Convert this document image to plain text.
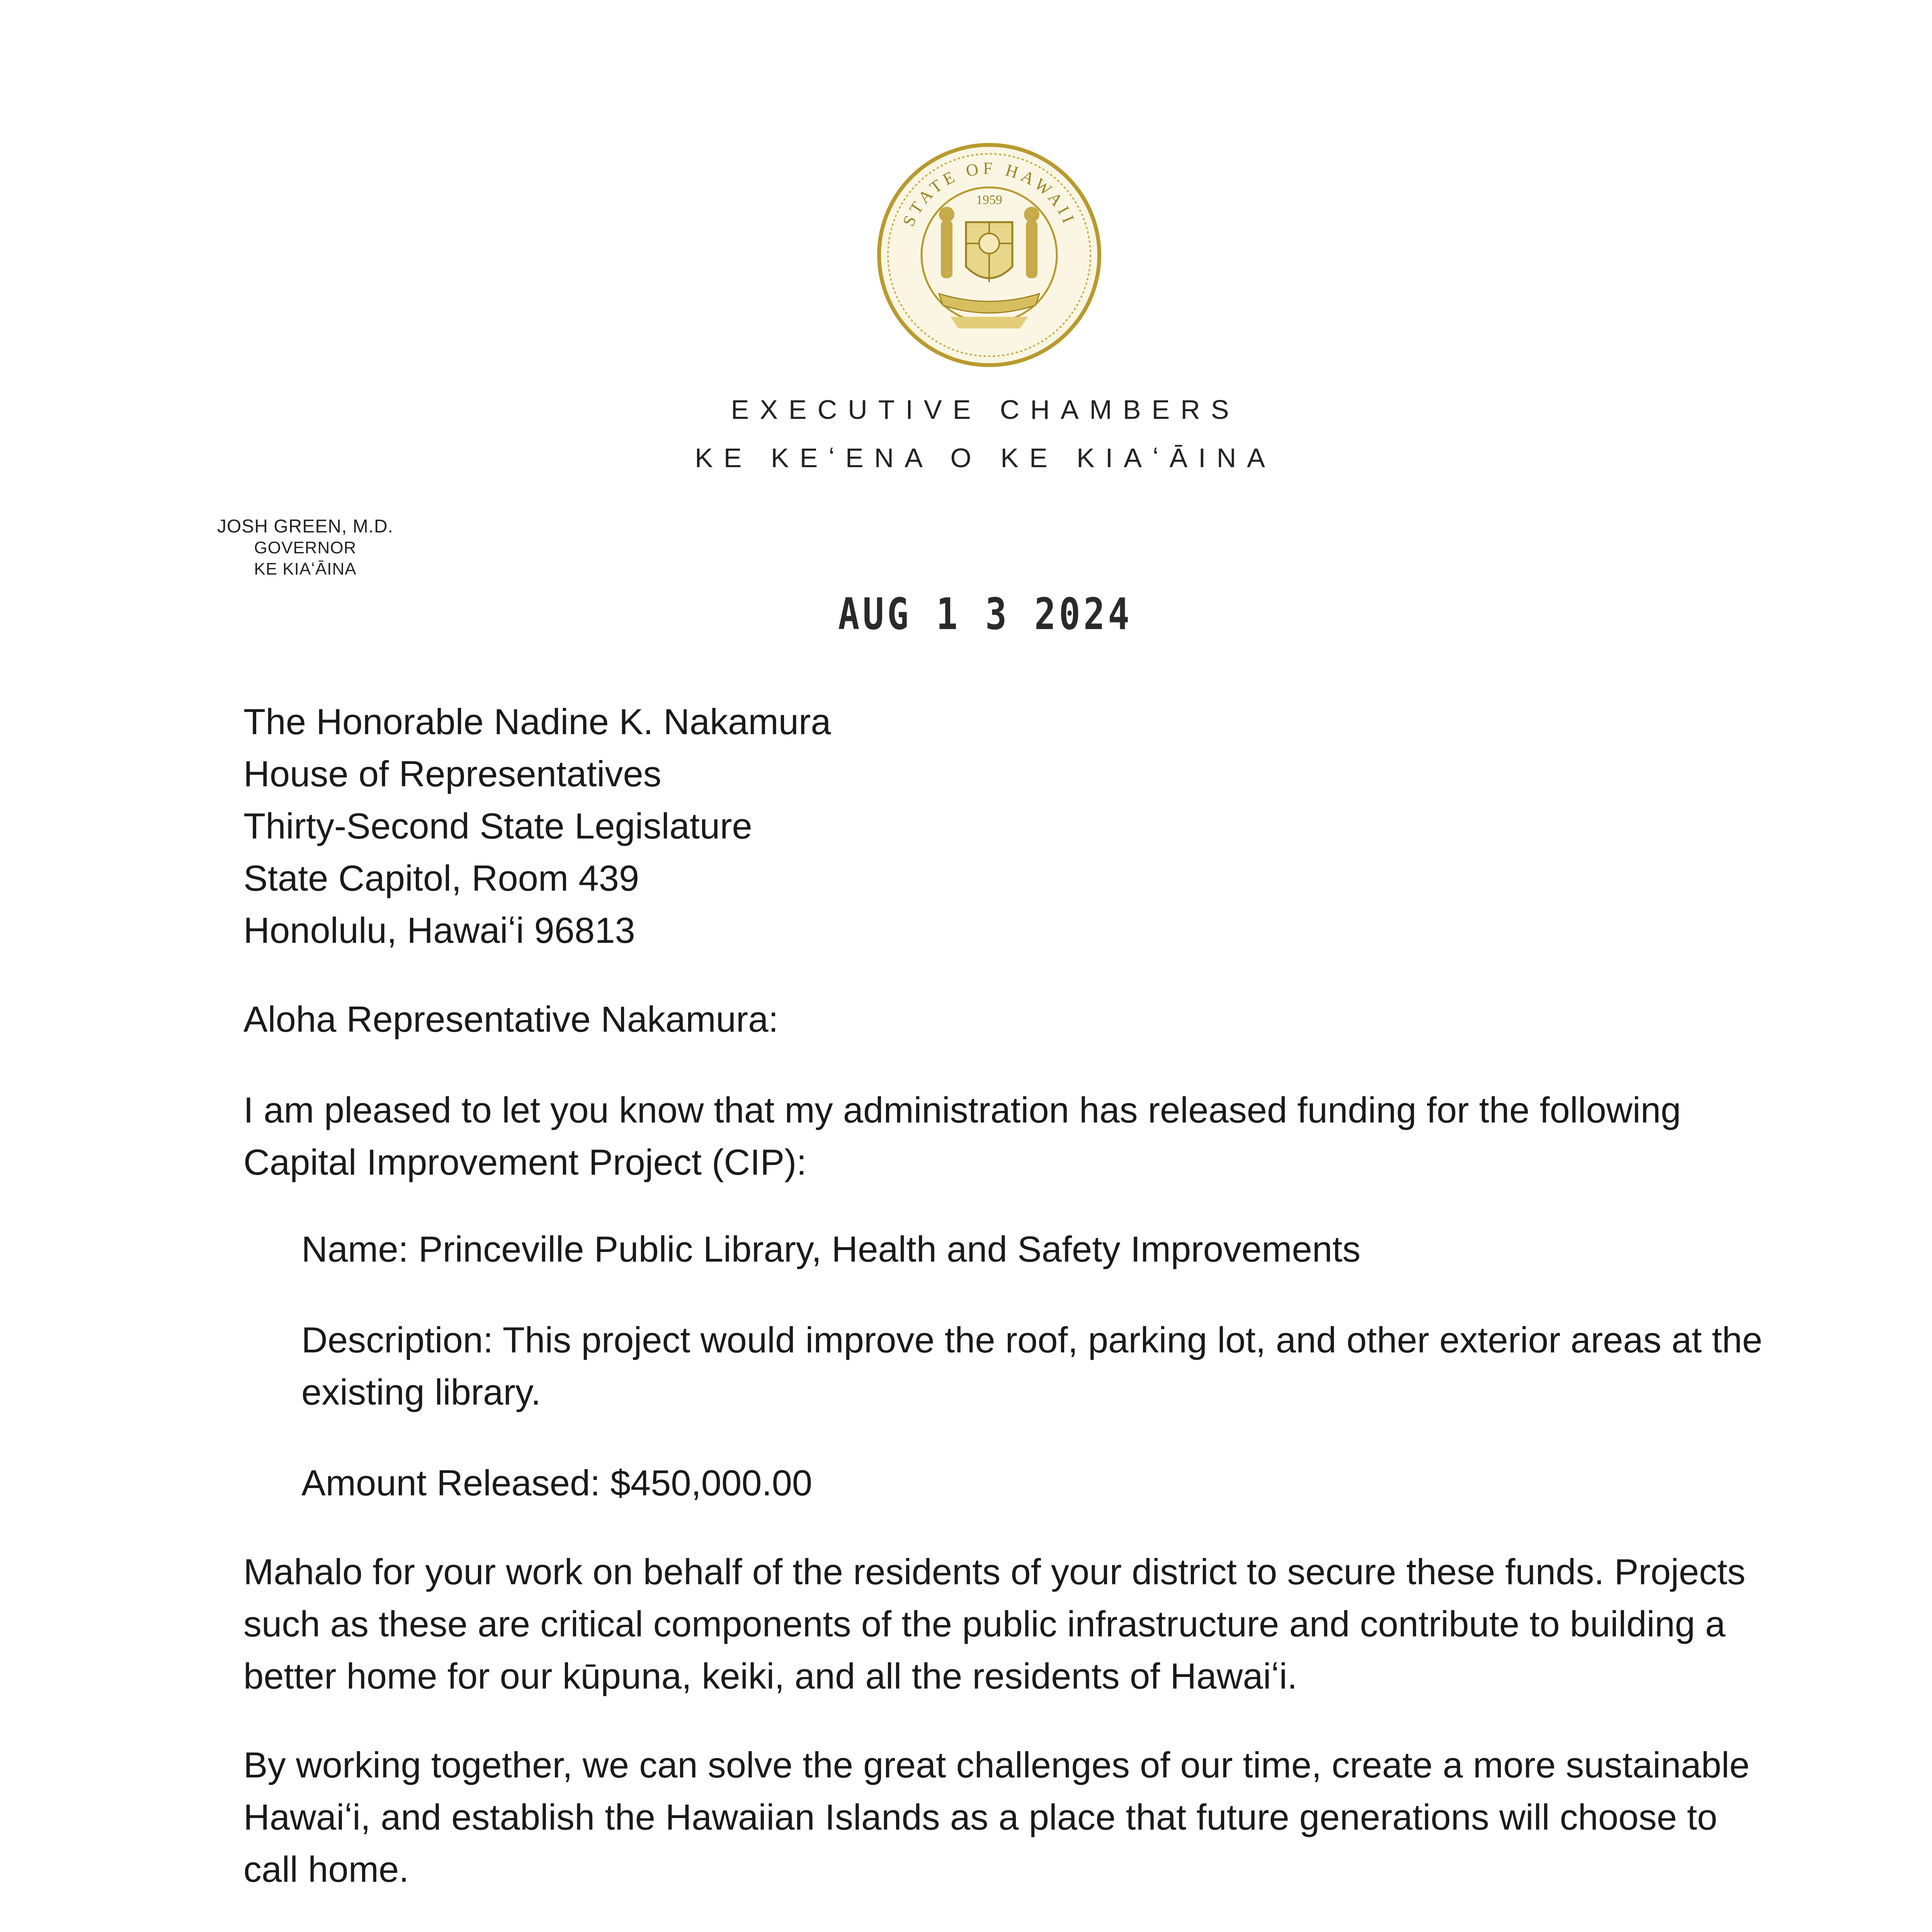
STATE OF HAWAII
1959
EXECUTIVE CHAMBERS
KE KEʻENA O KE KIAʻĀINA
JOSH GREEN, M.D.
GOVERNOR
KE KIAʻĀINA
AUG 1 3 2024
The Honorable Nadine K. Nakamura
House of Representatives
Thirty-Second State Legislature
State Capitol, Room 439
Honolulu, Hawaiʻi 96813
Aloha Representative Nakamura:
I am pleased to let you know that my administration has released funding for the following Capital Improvement Project (CIP):
Name: Princeville Public Library, Health and Safety Improvements
Description: This project would improve the roof, parking lot, and other exterior areas at the existing library.
Amount Released: $450,000.00
Mahalo for your work on behalf of the residents of your district to secure these funds. Projects such as these are critical components of the public infrastructure and contribute to building a better home for our kūpuna, keiki, and all the residents of Hawaiʻi.
By working together, we can solve the great challenges of our time, create a more sustainable Hawaiʻi, and establish the Hawaiian Islands as a place that future generations will choose to call home.
